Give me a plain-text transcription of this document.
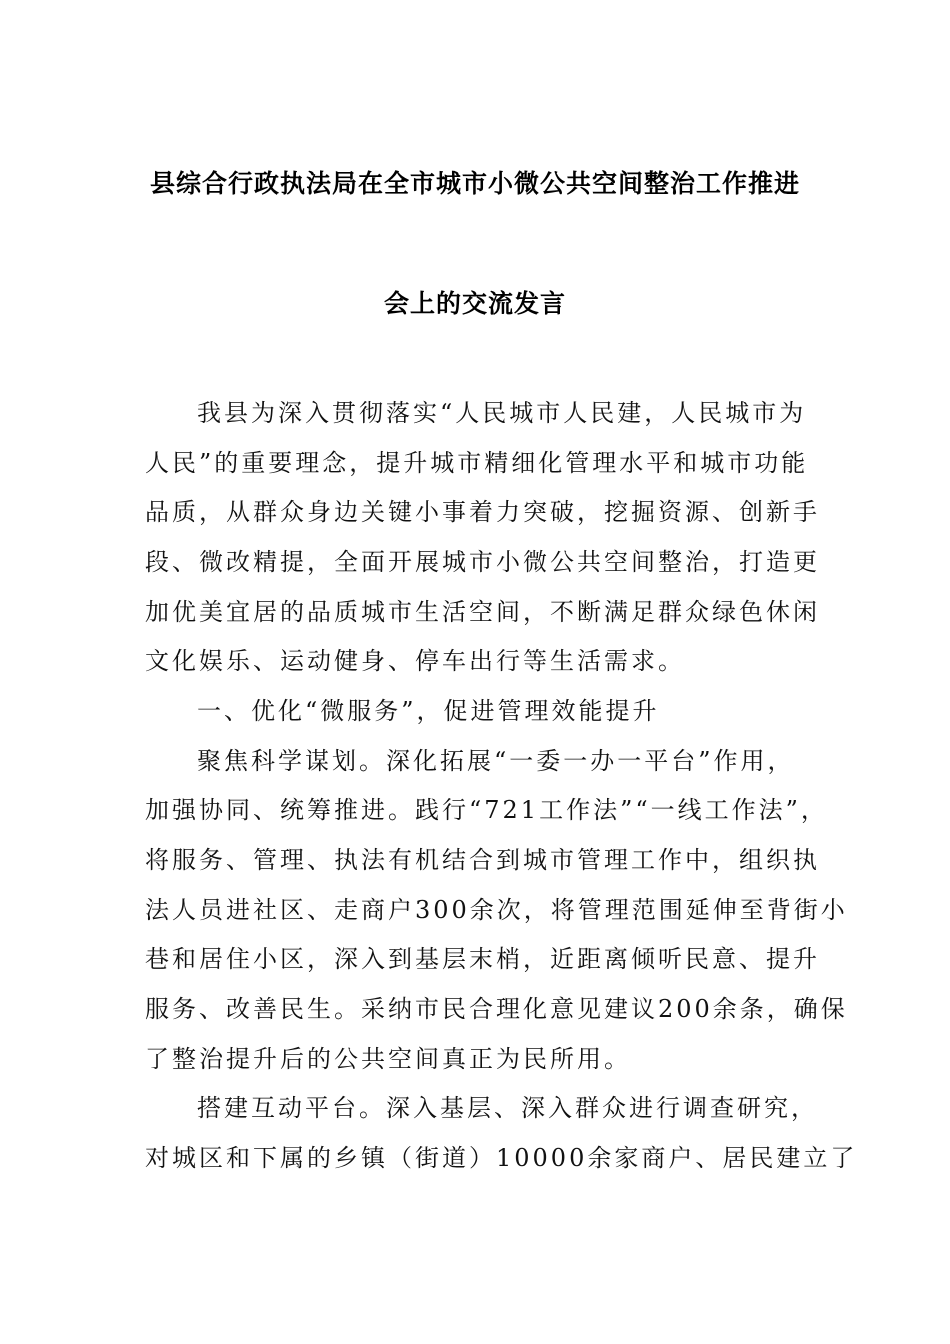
县综合行政执法局在全市城市小微公共空间整治工作推进
会上的交流发言
我县为深入贯彻落实“人民城市人民建，人民城市为
人民”的重要理念，提升城市精细化管理水平和城市功能
品质，从群众身边关键小事着力突破，挖掘资源、创新手
段、微改精提，全面开展城市小微公共空间整治，打造更
加优美宜居的品质城市生活空间，不断满足群众绿色休闲
文化娱乐、运动健身、停车出行等生活需求。
一、优化“微服务”，促进管理效能提升
聚焦科学谋划。深化拓展“一委一办一平台”作用，
加强协同、统筹推进。践行“721工作法”“一线工作法”，
将服务、管理、执法有机结合到城市管理工作中，组织执
法人员进社区、走商户300余次，将管理范围延伸至背街小
巷和居住小区，深入到基层末梢，近距离倾听民意、提升
服务、改善民生。采纳市民合理化意见建议200余条，确保
了整治提升后的公共空间真正为民所用。
搭建互动平台。深入基层、深入群众进行调查研究，
对城区和下属的乡镇（街道）10000余家商户、居民建立了
